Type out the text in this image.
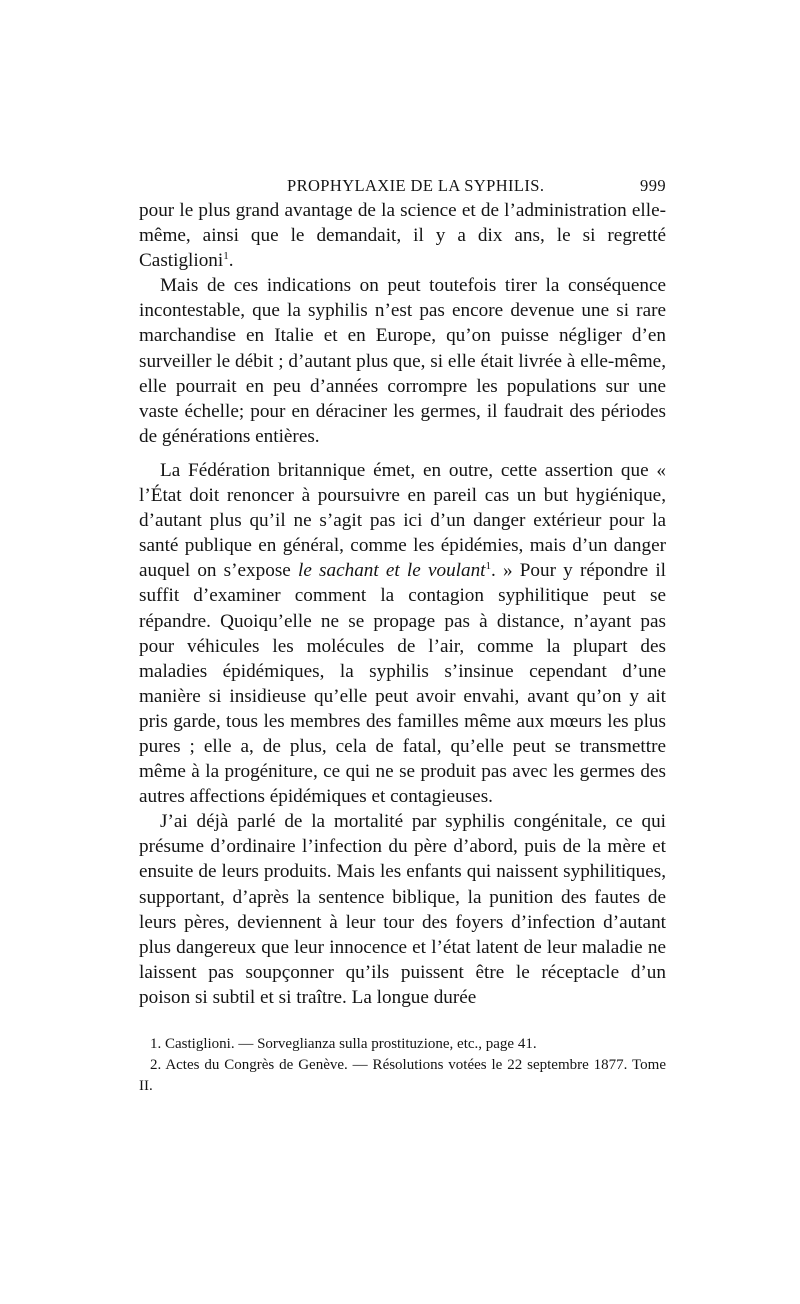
PROPHYLAXIE DE LA SYPHILIS.	999

pour le plus grand avantage de la science et de l’administration elle-même, ainsi que le demandait, il y a dix ans, le si regretté Castiglioni$^1$.

Mais de ces indications on peut toutefois tirer la conséquence incontestable, que la syphilis n’est pas encore devenue une si rare marchandise en Italie et en Europe, qu’on puisse négliger d’en surveiller le débit ; d’autant plus que, si elle était livrée à elle-même, elle pourrait en peu d’années corrompre les populations sur une vaste échelle; pour en déraciner les germes, il faudrait des périodes de générations entières.

La Fédération britannique émet, en outre, cette assertion que « l’État doit renoncer à poursuivre en pareil cas un but hygiénique, d’autant plus qu’il ne s’agit pas ici d’un danger extérieur pour la santé publique en général, comme les épidémies, mais d’un danger auquel on s’expose le sachant et le voulant$^1$. » Pour y répondre il suffit d’examiner comment la contagion syphilitique peut se répandre. Quoiqu’elle ne se propage pas à distance, n’ayant pas pour véhicules les molécules de l’air, comme la plupart des maladies épidémiques, la syphilis s’insinue cependant d’une manière si insidieuse qu’elle peut avoir envahi, avant qu’on y ait pris garde, tous les membres des familles même aux mœurs les plus pures ; elle a, de plus, cela de fatal, qu’elle peut se transmettre même à la progéniture, ce qui ne se produit pas avec les germes des autres affections épidémiques et contagieuses.

J’ai déjà parlé de la mortalité par syphilis congénitale, ce qui présume d’ordinaire l’infection du père d’abord, puis de la mère et ensuite de leurs produits. Mais les enfants qui naissent syphilitiques, supportant, d’après la sentence biblique, la punition des fautes de leurs pères, deviennent à leur tour des foyers d’infection d’autant plus dangereux que leur innocence et l’état latent de leur maladie ne laissent pas soupçonner qu’ils puissent être le réceptacle d’un poison si subtil et si traître. La longue durée

1. Castiglioni. — Sorveglianza sulla prostituzione, etc., page 41.

2. Actes du Congrès de Genève. — Résolutions votées le 22 septembre 1877. Tome II.
